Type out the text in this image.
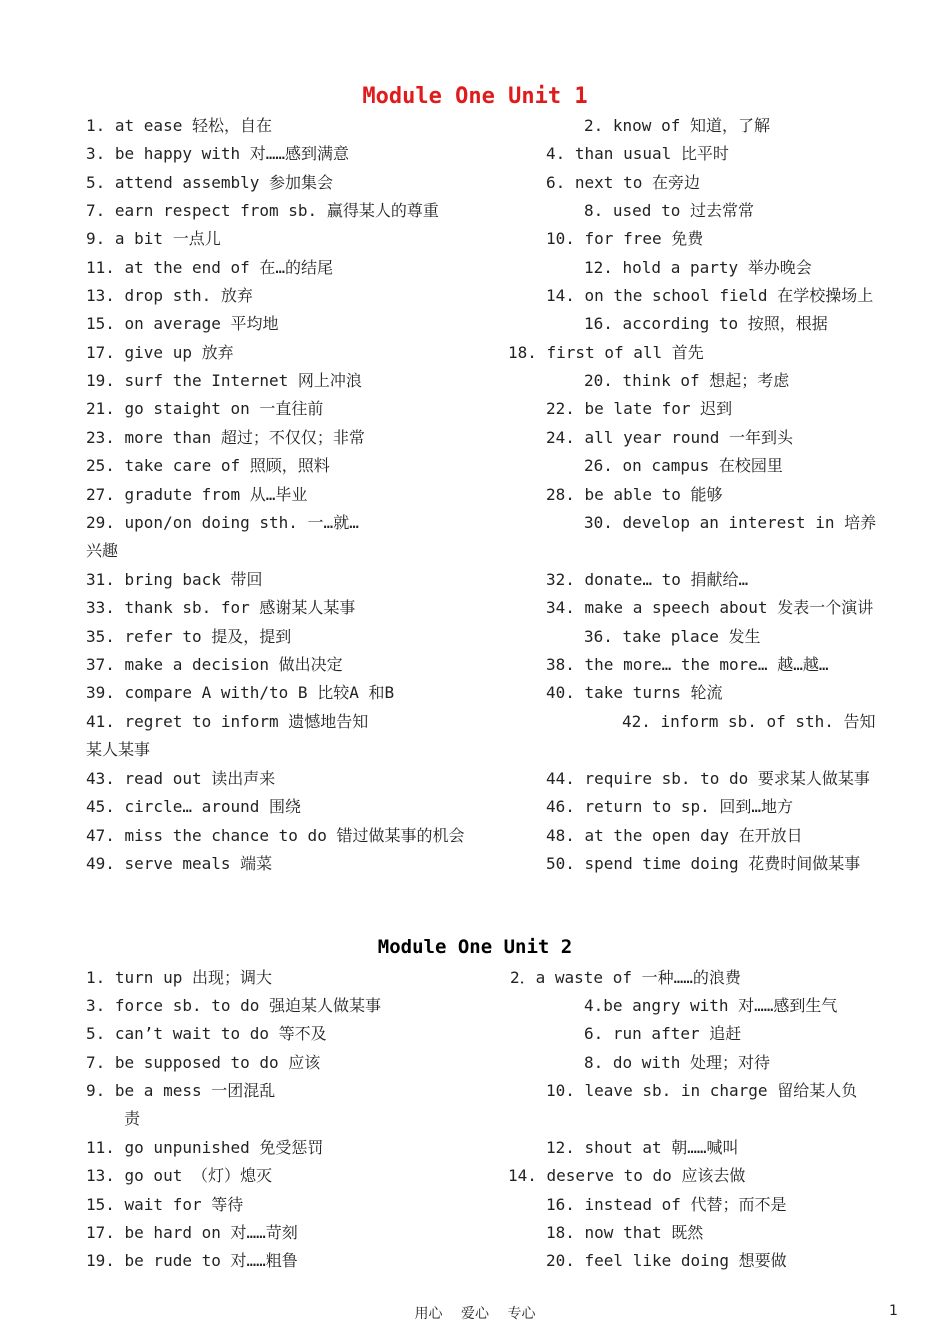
Module One Unit 1

1. at ease 轻松，自在	2. know of 知道，了解

3. be happy with 对……感到满意	4. than usual 比平时

5. attend assembly 参加集会	6. next to 在旁边

7. earn respect from sb. 赢得某人的尊重	8. used to 过去常常

9. a bit 一点儿	10. for free 免费

11. at the end of 在…的结尾	12. hold a party 举办晚会

13. drop sth. 放弃	14. on the school field 在学校操场上

15. on average 平均地	16. according to 按照，根据

17. give up 放弃	18. first of all 首先

19. surf the Internet 网上冲浪	20. think of 想起；考虑

21. go staight on 一直往前	22. be late for 迟到

23. more than 超过；不仅仅；非常	24. all year round 一年到头

25. take care of 照顾，照料	26. on campus 在校园里

27. gradute from 从…毕业	28. be able to 能够

29. upon/on doing sth. 一…就…	30. develop an interest in 培养

兴趣

31. bring back 带回	32. donate… to 捐献给…

33. thank sb. for 感谢某人某事	34. make a speech about 发表一个演讲

35. refer to 提及，提到	36. take place 发生

37. make a decision 做出决定	38. the more… the more… 越…越…

39. compare A with/to B 比较A 和B	40. take turns 轮流

41. regret to inform 遗憾地告知	42. inform sb. of sth. 告知

某人某事

43. read out 读出声来	44. require sb. to do 要求某人做某事

45. circle… around 围绕	46. return to sp. 回到…地方

47. miss the chance to do 错过做某事的机会	48. at the open day 在开放日

49. serve meals 端菜	50. spend time doing 花费时间做某事

Module One Unit 2

1. turn up 出现；调大	2．a waste of 一种……的浪费

3. force sb. to do 强迫某人做某事	4.be angry with 对……感到生气

5. can’t wait to do 等不及	6. run after 追赶

7. be supposed to do 应该	8. do with 处理；对待

9. be a mess 一团混乱	10. leave sb. in charge 留给某人负

责

11. go unpunished 免受惩罚	12. shout at 朝……喊叫

13. go out （灯）熄灭	14. deserve to do 应该去做

15. wait for 等待	16. instead of 代替；而不是

17. be hard on 对……苛刻	18. now that 既然

19. be rude to 对……粗鲁	20. feel like doing 想要做

用心 爱心 专心	1
